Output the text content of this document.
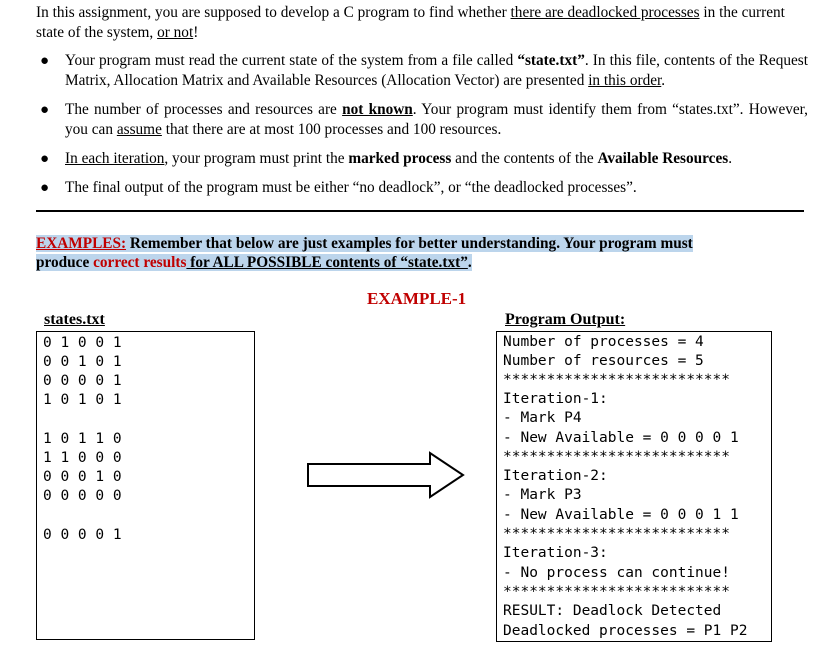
In this assignment, you are supposed to develop a C program to find whether there are deadlocked processes in the current state of the system, or not!
● Your program must read the current state of the system from a file called “state.txt”. In this file, contents of the Request Matrix, Allocation Matrix and Available Resources (Allocation Vector) are presented in this order.
● The number of processes and resources are not known. Your program must identify them from “states.txt”. However, you can assume that there are at most 100 processes and 100 resources.
● In each iteration, your program must print the marked process and the contents of the Available Resources.
● The final output of the program must be either “no deadlock”, or “the deadlocked processes”.
EXAMPLES: Remember that below are just examples for better understanding. Your program must
produce correct results for ALL POSSIBLE contents of “state.txt”.
EXAMPLE-1
states.txt
0 1 0 0 1
0 0 1 0 1
0 0 0 0 1
1 0 1 0 1
1 0 1 1 0
1 1 0 0 0
0 0 0 1 0
0 0 0 0 0
0 0 0 0 1
Program Output:
Number of processes = 4
Number of resources = 5
**************************
Iteration-1:
- Mark P4
- New Available = 0 0 0 0 1
**************************
Iteration-2:
- Mark P3
- New Available = 0 0 0 1 1
**************************
Iteration-3:
- No process can continue!
**************************
RESULT: Deadlock Detected
Deadlocked processes = P1 P2
